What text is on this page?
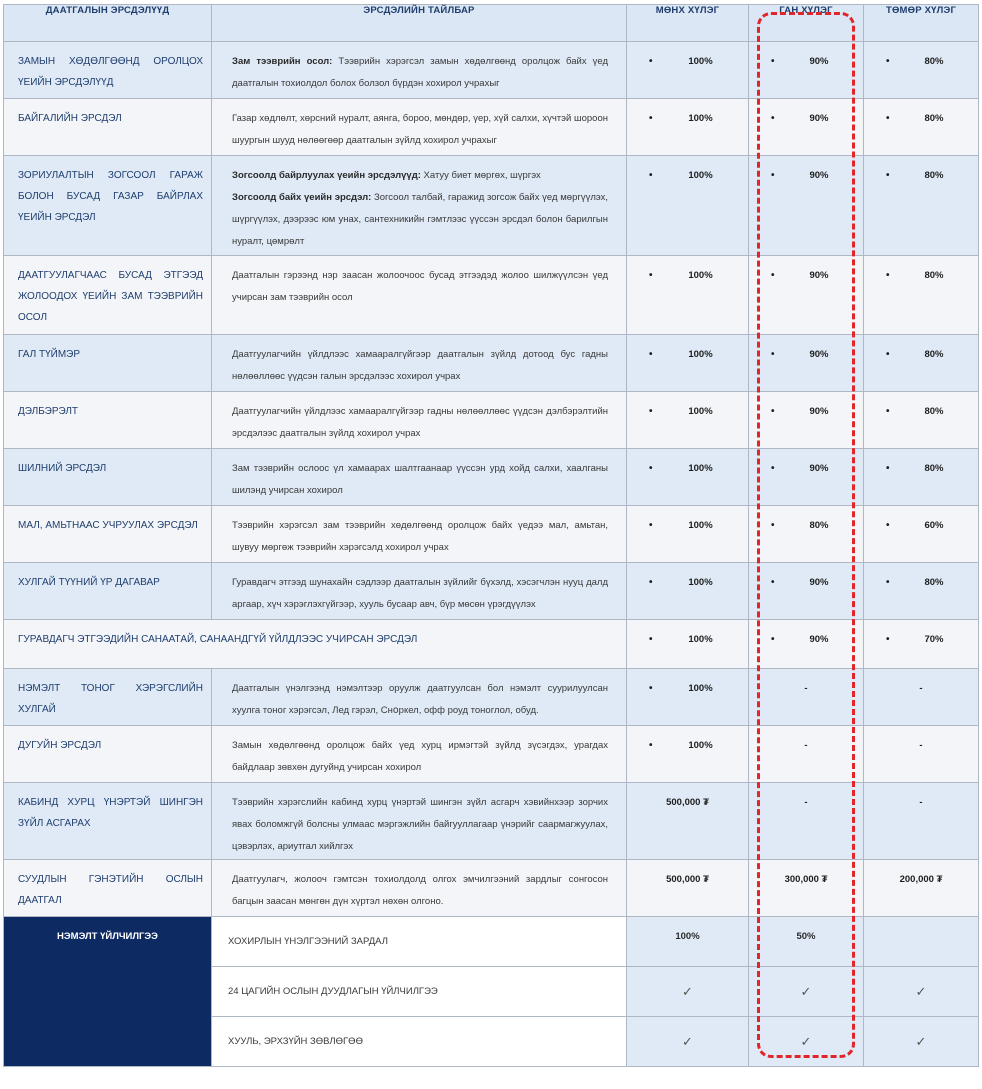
ДААТГАЛЫН ЭРСДЭЛҮҮД	ЭРСДЭЛИЙН ТАЙЛБАР	МӨНХ ХҮЛЭГ	ГАН ХҮЛЭГ	ТӨМӨР ХҮЛЭГ
ЗАМЫН ХӨДӨЛГӨӨНД ОРОЛЦОХ ҮЕИЙН ЭРСДЭЛҮҮД	Зам тээврийн осол: Тээврийн хэрэгсэл замын хөдөлгөөнд оролцож байх үед даатгалын тохиолдол болох болзол бүрдэн хохирол учрахыг	• 100%	• 90%	• 80%

БАЙГАЛИЙН ЭРСДЭЛ	Газар хөдлөлт, хөрсний нуралт, аянга, бороо, мөндөр, үер, хүй салхи, хүчтэй шороон шуургын шууд нөлөөгөөр даатгалын зүйлд хохирол учрахыг	• 100%	• 90%	• 80%

ЗОРИУЛАЛТЫН ЗОГСООЛ ГАРАЖ БОЛОН БУСАД ГАЗАР БАЙРЛАХ ҮЕИЙН ЭРСДЭЛ	Зогсоолд байрлуулах үеийн эрсдэлүүд: Хатуу биет мөргөх, шүргэх
Зогсоолд байх үеийн эрсдэл: Зогсоол талбай, гаражид зогсож байх үед мөргүүлэх, шүргүүлэх, дээрээс юм унах, сантехникийн гэмтлээс үүссэн эрсдэл болон барилгын нуралт, цөмрөлт	• 100%	• 90%	• 80%

ДААТГУУЛАГЧААС БУСАД ЭТГЭЭД ЖОЛООДОХ ҮЕИЙН ЗАМ ТЭЭВРИЙН ОСОЛ	Даатгалын гэрээнд нэр заасан жолоочоос бусад этгээдэд жолоо шилжүүлсэн үед учирсан зам тээврийн осол	• 100%	• 90%	• 80%

ГАЛ ТҮЙМЭР	Даатгуулагчийн үйлдлээс хамааралгүйгээр даатгалын зүйлд дотоод бус гадны нөлөөллөөс үүдсэн галын эрсдэлээс хохирол учрах	• 100%	• 90%	• 80%

ДЭЛБЭРЭЛТ	Даатгуулагчийн үйлдлээс хамааралгүйгээр гадны нөлөөллөөс үүдсэн дэлбэрэлтийн эрсдэлээс даатгалын зүйлд хохирол учрах	• 100%	• 90%	• 80%

ШИЛНИЙ ЭРСДЭЛ	Зам тээврийн ослоос үл хамаарах шалтгаанаар үүссэн урд хойд салхи, хаалганы шилэнд учирсан хохирол	• 100%	• 90%	• 80%

МАЛ, АМЬТНААС УЧРУУЛАХ ЭРСДЭЛ	Тээврийн хэрэгсэл зам тээврийн хөдөлгөөнд оролцож байх үедээ мал, амьтан, шувуу мөргөж тээврийн хэрэгсэлд хохирол учрах	• 100%	• 80%	• 60%

ХУЛГАЙ ТҮҮНИЙ ҮР ДАГАВАР	Гуравдагч этгээд шунахайн сэдлээр даатгалын зүйлийг бүхэлд, хэсэгчлэн нууц далд аргаар, хүч хэрэглэхгүйгээр, хууль бусаар авч, бүр мөсөн үрэгдүүлэх	• 100%	• 90%	• 80%

ГУРАВДАГЧ ЭТГЭЭДИЙН САНААТАЙ, САНААНДГҮЙ ҮЙЛДЛЭЭС УЧИРСАН ЭРСДЭЛ		• 100%	• 90%	• 70%

НЭМЭЛТ ТОНОГ ХЭРЭГСЛИЙН ХУЛГАЙ	Даатгалын үнэлгээнд нэмэлтээр оруулж даатгуулсан бол нэмэлт суурилуулсан хуулга тоног хэрэгсэл, Лед гэрэл, Снօркел, офф роуд тоноглол, обуд.	• 100%	-	-

ДУГУЙН ЭРСДЭЛ	Замын хөдөлгөөнд оролцож байх үед хурц ирмэгтэй зүйлд зүсэгдэх, урагдах байдлаар зөвхөн дугуйнд учирсан хохирол	• 100%	-	-

КАБИНД ХУРЦ ҮНЭРТЭЙ ШИНГЭН ЗҮЙЛ АСГАРАХ	Тээврийн хэрэгслийн кабинд хурц үнэртэй шингэн зүйл асгарч хэвийнхээр зорчих явах боломжгүй болсны улмаас мэргэжлийн байгууллагаар үнэрийг саармагжуулах, цэвэрлэх, ариутгал хийлгэх	500,000 ₮	-	-

СУУДЛЫН ГЭНЭТИЙН ОСЛЫН ДААТГАЛ	Даатгуулагч, жолооч гэмтсэн тохиолдолд олгох эмчилгээний зардлыг сонгосон багцын заасан мөнгөн дүн хүртэл нөхөн олгоно.	500,000 ₮	300,000 ₮	200,000 ₮

НЭМЭЛТ ҮЙЛЧИЛГЭЭ	ХОХИРЛЫН ҮНЭЛГЭЭНИЙ ЗАРДАЛ	100%	50%	
	24 ЦАГИЙН ОСЛЫН ДУУДЛАГЫН ҮЙЛЧИЛГЭЭ	✓	✓	✓
	ХУУЛЬ, ЭРХЗҮЙН ЗӨВЛӨГӨӨ	✓	✓	✓
